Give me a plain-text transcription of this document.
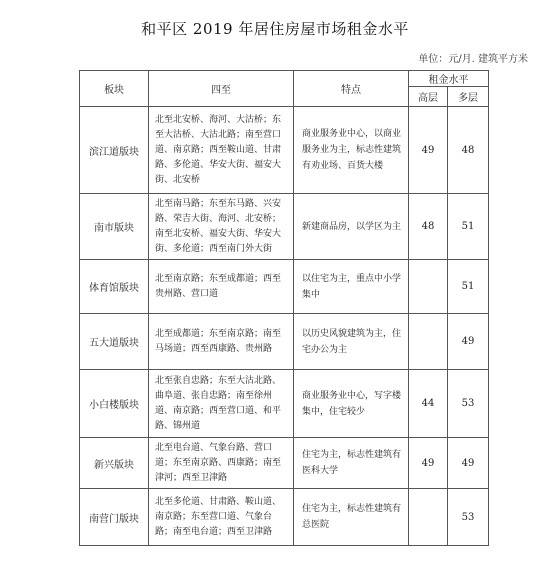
和平区 2019 年居住房屋市场租金水平
单位：元/月. 建筑平方米
板块	四至	特点	租金水平	
			高层	多层
滨江道版块	北至北安桥、海河、大沽桥；东至大沽桥、大沽北路；南至营口道、南京路；西至鞍山道、甘肃路、多伦道、华安大街、福安大街、北安桥	商业服务业中心，以商业服务业为主，标志性建筑有劝业场、百货大楼	49	48
南市版块	北至南马路；东至东马路、兴安路、荣吉大街、海河、北安桥；南至北安桥、福安大街、华安大街、多伦道；西至南门外大街	新建商品房，以学区为主	48	51
体育馆版块	北至南京路；东至成都道；西至贵州路、营口道	以住宅为主，重点中小学集中		51
五大道版块	北至成都道；东至南京路；南至马场道；西至西康路、贵州路	以历史风貌建筑为主，住宅办公为主		49
小白楼版块	北至张自忠路；东至大沽北路、曲阜道、张自忠路；南至徐州道、南京路；西至营口道、和平路、锦州道	商业服务业中心，写字楼集中，住宅较少	44	53
新兴版块	北至电台道、气象台路、营口道；东至南京路、西康路；南至津河；西至卫津路	住宅为主，标志性建筑有医科大学	49	49
南营门版块	北至多伦道、甘肃路、鞍山道、南京路；东至营口道、气象台路；南至电台道；西至卫津路	住宅为主，标志性建筑有总医院		53
